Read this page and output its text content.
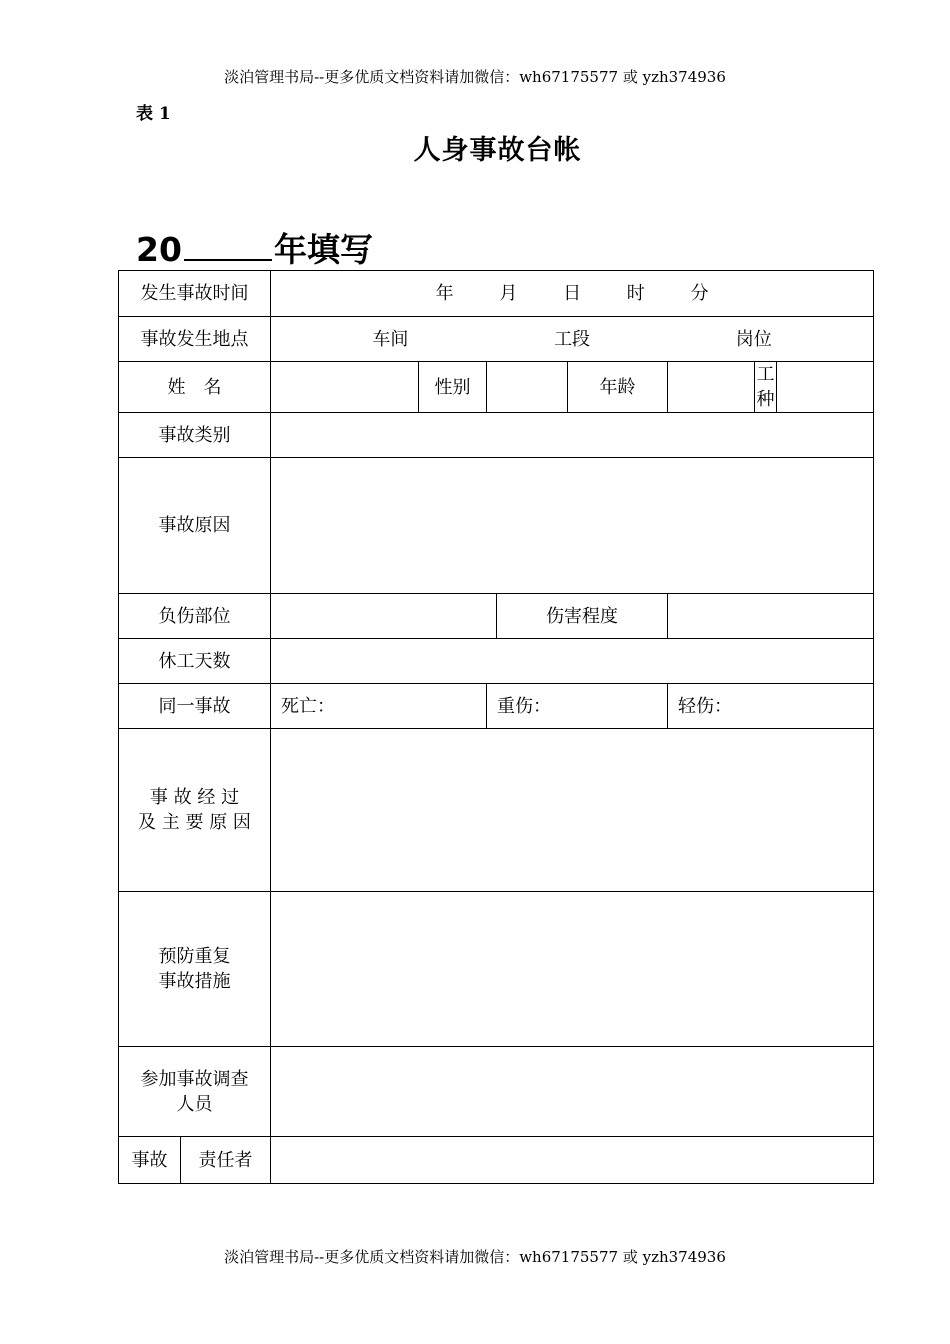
淡泊管理书局--更多优质文档资料请加微信：wh67175577 或 yzh374936
表 1
人身事故台帐
20	年填写
发生事故时间		年 月 日 时 分							
事故发生地点		车间 工段 岗位							
姓　名			性别			年龄		工种	
事故类别									
事故原因									
负伤部位					伤害程度				
休工天数									
同一事故		死亡：		重伤：			轻伤：		

事 故 经 过
及 主 要 原 因									

预防重复
事故措施									

参加事故调查
人员									

事故	责任者								
淡泊管理书局--更多优质文档资料请加微信：wh67175577 或 yzh374936
